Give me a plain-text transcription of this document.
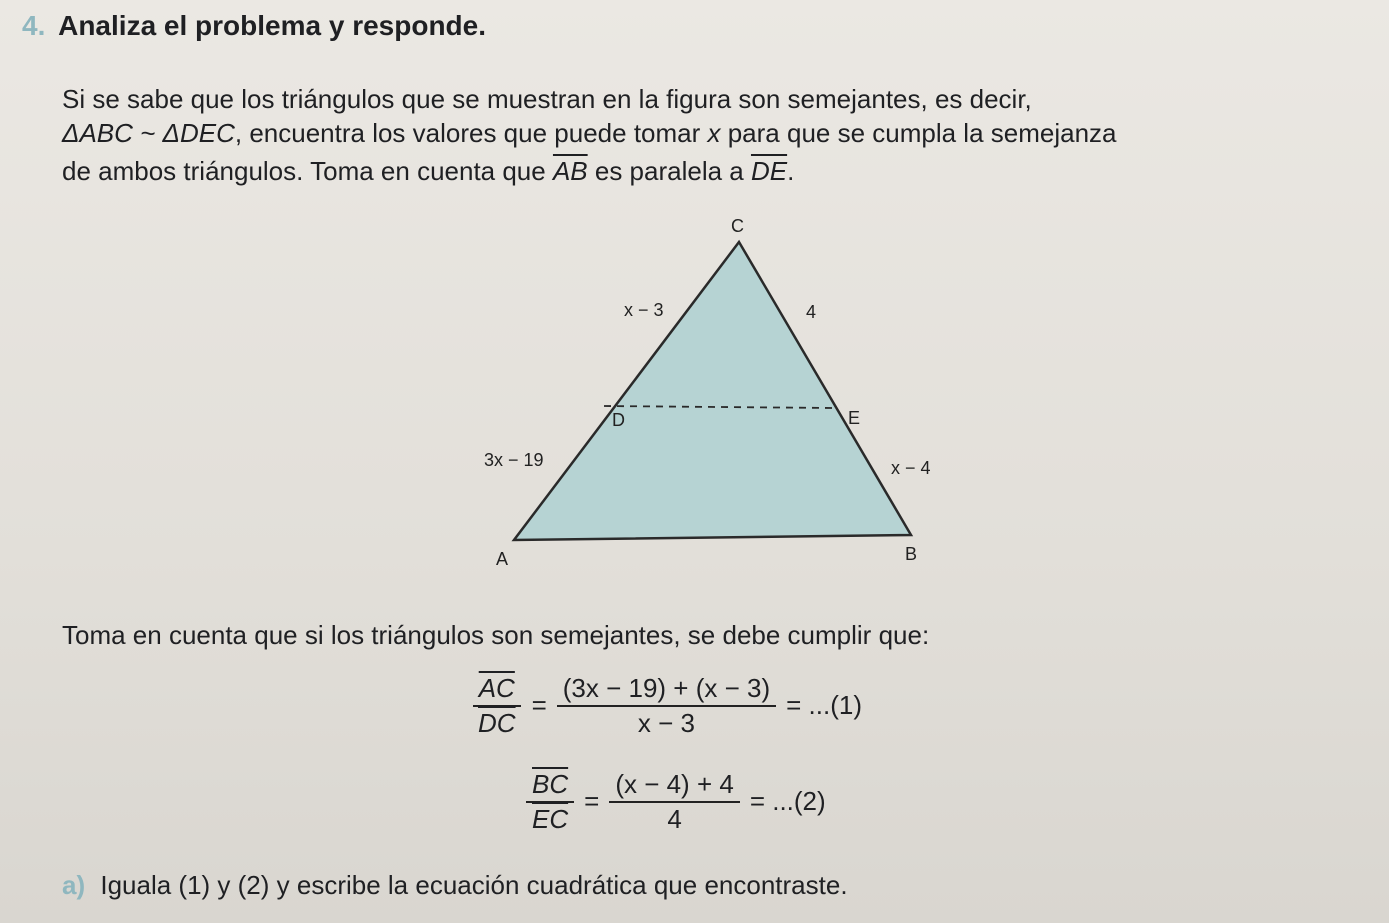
4. Analiza el problema y responde.
Si se sabe que los triángulos que se muestran en la figura son semejantes, es decir,
ΔABC ~ ΔDEC, encuentra los valores que puede tomar x para que se cumpla la semejanza
de ambos triángulos. Toma en cuenta que $\overline{AB}$ es paralela a $\overline{DE}$.
C
D	E
A	B
x − 3	4
3x − 19	x − 4
Toma en cuenta que si los triángulos son semejantes, se debe cumplir que:
$\frac{\overline{AC}}{DC} = \frac{(3x - 19) + (x - 3)}{x - 3} = ...(1)$
$\frac{\overline{BC}}{EC} = \frac{(x - 4) + 4}{4} = ...(2)$
a) Iguala (1) y (2) y escribe la ecuación cuadrática que encontraste.
